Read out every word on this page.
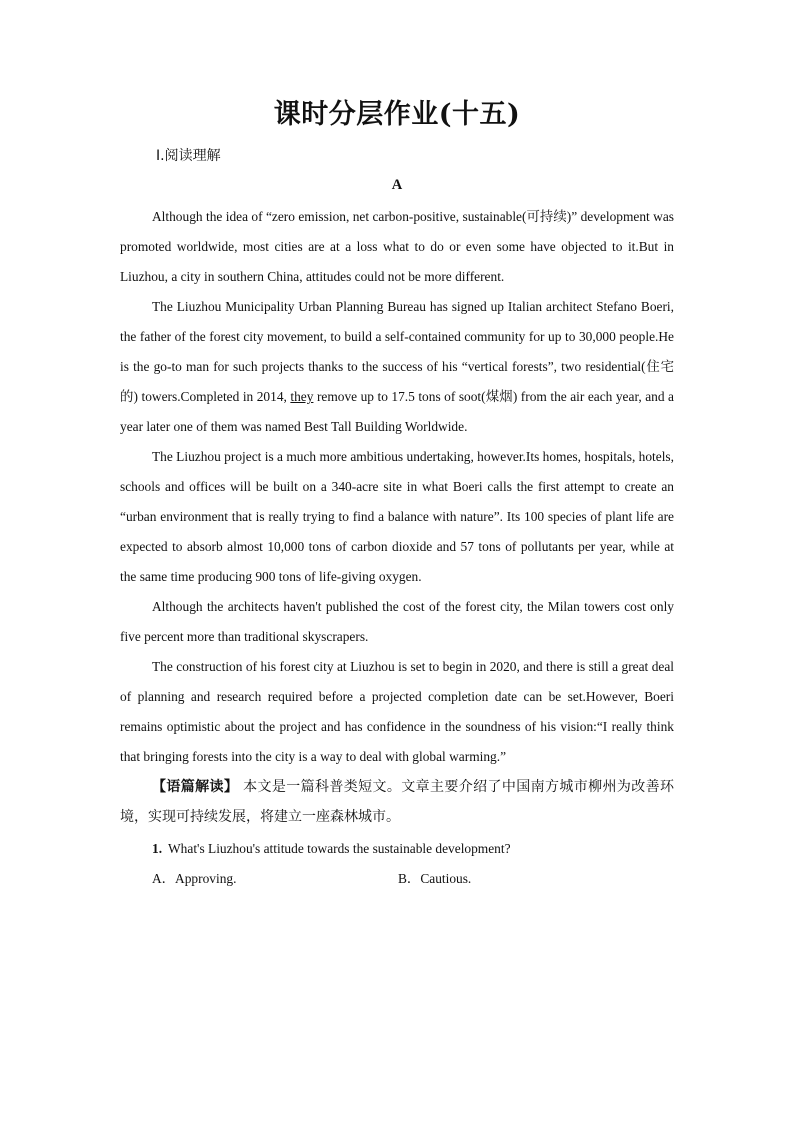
课时分层作业(十五)
Ⅰ.阅读理解
A

Although the idea of “zero emission, net carbon-positive, sustainable(可持续)” development was promoted worldwide, most cities are at a loss what to do or even some have objected to it.But in Liuzhou, a city in southern China, attitudes could not be more different.

The Liuzhou Municipality Urban Planning Bureau has signed up Italian architect Stefano Boeri, the father of the forest city movement, to build a self-contained community for up to 30,000 people.He is the go-to man for such projects thanks to the success of his “vertical forests”, two residential(住宅的) towers.Completed in 2014, they remove up to 17.5 tons of soot(煤烟) from the air each year, and a year later one of them was named Best Tall Building Worldwide.

The Liuzhou project is a much more ambitious undertaking, however.Its homes, hospitals, hotels, schools and offices will be built on a 340-acre site in what Boeri calls the first attempt to create an “urban environment that is really trying to find a balance with nature”. Its 100 species of plant life are expected to absorb almost 10,000 tons of carbon dioxide and 57 tons of pollutants per year, while at the same time producing 900 tons of life-giving oxygen.

Although the architects haven't published the cost of the forest city, the Milan towers cost only five percent more than traditional skyscrapers.

The construction of his forest city at Liuzhou is set to begin in 2020, and there is still a great deal of planning and research required before a projected completion date can be set.However, Boeri remains optimistic about the project and has confidence in the soundness of his vision:“I really think that bringing forests into the city is a way to deal with global warming.”

【语篇解读】 本文是一篇科普类短文。文章主要介绍了中国南方城市柳州为改善环境，实现可持续发展，将建立一座森林城市。

1. What's Liuzhou's attitude towards the sustainable development?
A．Approving.	B．Cautious.
